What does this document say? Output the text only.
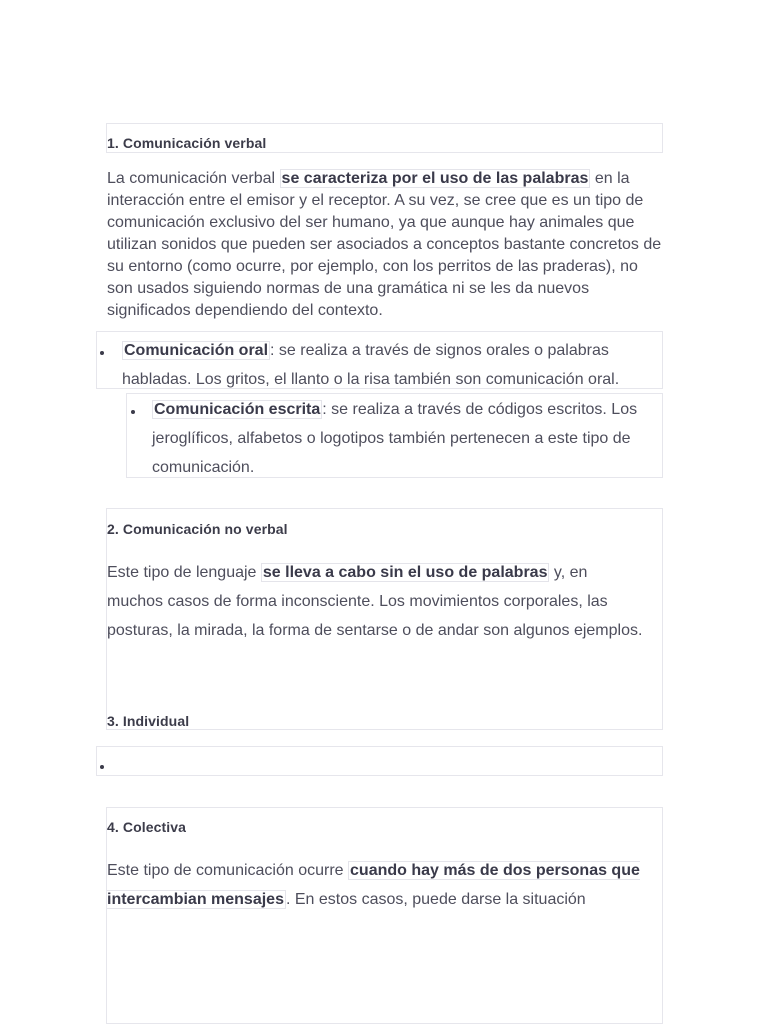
1. Comunicación verbal

La comunicación verbal se caracteriza por el uso de las palabras en la interacción entre el emisor y el receptor. A su vez, se cree que es un tipo de comunicación exclusivo del ser humano, ya que aunque hay animales que utilizan sonidos que pueden ser asociados a conceptos bastante concretos de su entorno (como ocurre, por ejemplo, con los perritos de las praderas), no son usados siguiendo normas de una gramática ni se les da nuevos significados dependiendo del contexto.

Comunicación oral : se realiza a través de signos orales o palabras habladas. Los gritos, el llanto o la risa también son comunicación oral.
Comunicación escrita : se realiza a través de códigos escritos. Los jeroglíficos, alfabetos o logotipos también pertenecen a este tipo de comunicación.
2. Comunicación no verbal

Este tipo de lenguaje se lleva a cabo sin el uso de palabras y, en muchos casos de forma inconsciente. Los movimientos corporales, las posturas, la mirada, la forma de sentarse o de andar son algunos ejemplos.

3. Individual
4. Colectiva

Este tipo de comunicación ocurre cuando hay más de dos personas que intercambian mensajes . En estos casos, puede darse la situación
